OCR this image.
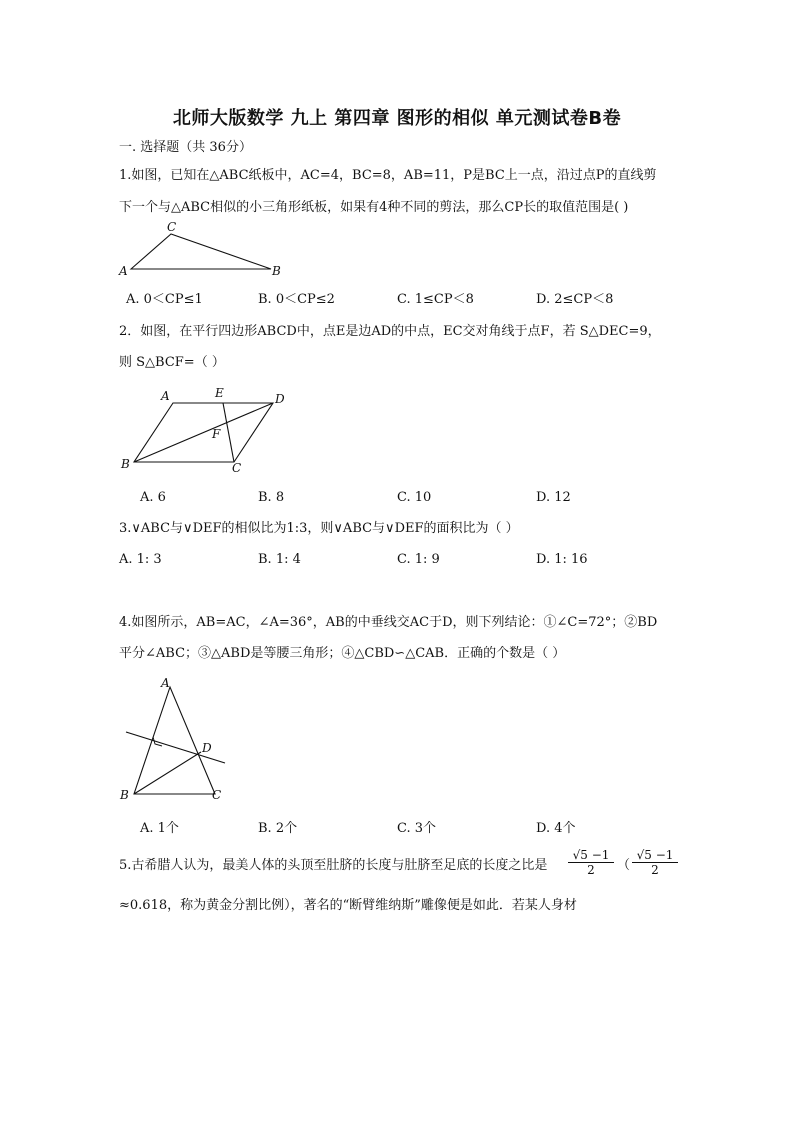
北师大版数学 九上 第四章 图形的相似 单元测试卷B卷
一. 选择题（共 36分）
1.如图，已知在△ABC纸板中，AC=4，BC=8，AB=11，P是BC上一点，沿过点P的直线剪
下一个与△ABC相似的小三角形纸板，如果有4种不同的剪法，那么CP长的取值范围是( )
A
C
B
A. 0＜CP≤1	B. 0＜CP≤2	C. 1≤CP＜8	D. 2≤CP＜8
2．如图，在平行四边形ABCD中，点E是边AD的中点，EC交对角线于点F，若 S△DEC=9，
则 S△BCF=（ ）
A	E	D
F
B	C
A. 6	B. 8	C. 10	D. 12
3.∨ABC与∨DEF的相似比为1:3，则∨ABC与∨DEF的面积比为（ ）
A. 1: 3	B. 1: 4	C. 1: 9	D. 1: 16
4.如图所示，AB=AC，∠A=36°，AB的中垂线交AC于D，则下列结论：①∠C=72°；②BD
平分∠ABC；③△ABD是等腰三角形；④△CBD∽△CAB．正确的个数是（ ）
A
D
B	C
A. 1个	B. 2个	C. 3个	D. 4个
5.古希腊人认为，最美人体的头顶至肚脐的长度与肚脐至足底的长度之比是 $\frac{√5 -1}{2}$ （ $\frac{√5 -1}{2}$
≈0.618，称为黄金分割比例），著名的“断臂维纳斯”雕像便是如此．若某人身材
